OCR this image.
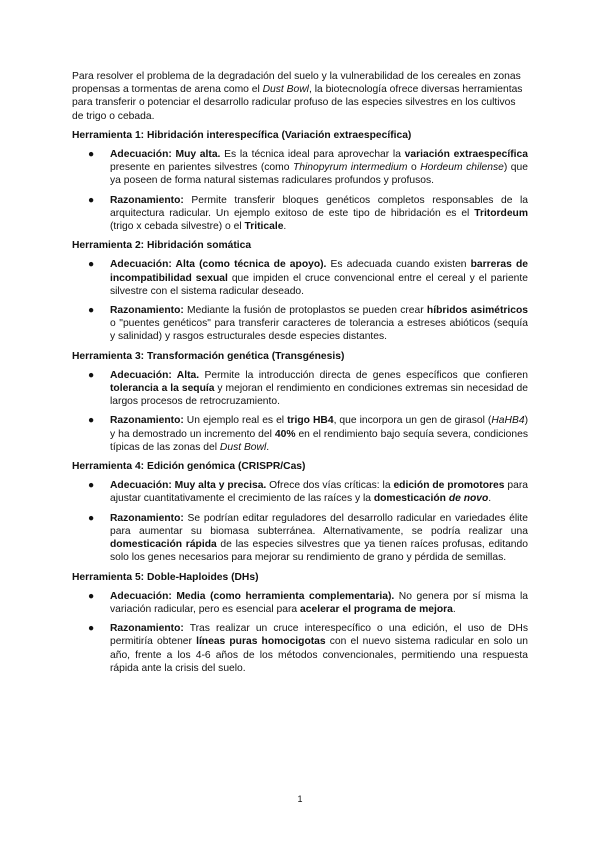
Para resolver el problema de la degradación del suelo y la vulnerabilidad de los cereales en zonas propensas a tormentas de arena como el Dust Bowl, la biotecnología ofrece diversas herramientas para transferir o potenciar el desarrollo radicular profuso de las especies silvestres en los cultivos de trigo o cebada.

Herramienta 1: Hibridación interespecífica (Variación extraespecífica)
● Adecuación: Muy alta. Es la técnica ideal para aprovechar la variación extraespecífica presente en parientes silvestres (como Thinopyrum intermedium o Hordeum chilense) que ya poseen de forma natural sistemas radiculares profundos y profusos.
● Razonamiento: Permite transferir bloques genéticos completos responsables de la arquitectura radicular. Un ejemplo exitoso de este tipo de hibridación es el Tritordeum (trigo x cebada silvestre) o el Triticale.
Herramienta 2: Hibridación somática
● Adecuación: Alta (como técnica de apoyo). Es adecuada cuando existen barreras de incompatibilidad sexual que impiden el cruce convencional entre el cereal y el pariente silvestre con el sistema radicular deseado.
● Razonamiento: Mediante la fusión de protoplastos se pueden crear híbridos asimétricos o "puentes genéticos" para transferir caracteres de tolerancia a estreses abióticos (sequía y salinidad) y rasgos estructurales desde especies distantes.
Herramienta 3: Transformación genética (Transgénesis)
● Adecuación: Alta. Permite la introducción directa de genes específicos que confieren tolerancia a la sequía y mejoran el rendimiento en condiciones extremas sin necesidad de largos procesos de retrocruzamiento.
● Razonamiento: Un ejemplo real es el trigo HB4, que incorpora un gen de girasol (HaHB4) y ha demostrado un incremento del 40% en el rendimiento bajo sequía severa, condiciones típicas de las zonas del Dust Bowl.
Herramienta 4: Edición genómica (CRISPR/Cas)
● Adecuación: Muy alta y precisa. Ofrece dos vías críticas: la edición de promotores para ajustar cuantitativamente el crecimiento de las raíces y la domesticación de novo.
● Razonamiento: Se podrían editar reguladores del desarrollo radicular en variedades élite para aumentar su biomasa subterránea. Alternativamente, se podría realizar una domesticación rápida de las especies silvestres que ya tienen raíces profusas, editando solo los genes necesarios para mejorar su rendimiento de grano y pérdida de semillas.
Herramienta 5: Doble-Haploides (DHs)
● Adecuación: Media (como herramienta complementaria). No genera por sí misma la variación radicular, pero es esencial para acelerar el programa de mejora.
● Razonamiento: Tras realizar un cruce interespecífico o una edición, el uso de DHs permitiría obtener líneas puras homocigotas con el nuevo sistema radicular en solo un año, frente a los 4-6 años de los métodos convencionales, permitiendo una respuesta rápida ante la crisis del suelo.
1
